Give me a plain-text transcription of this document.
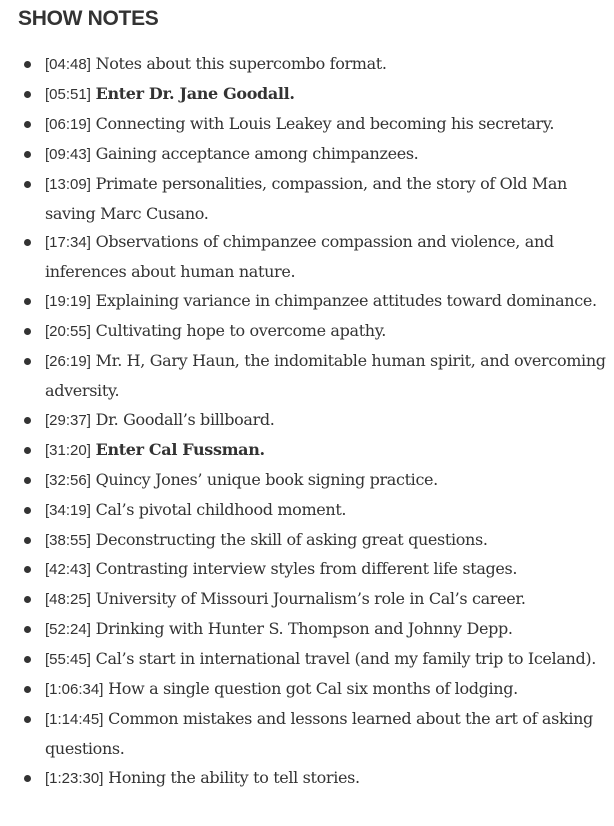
SHOW NOTES
[04:48] Notes about this supercombo format.
[05:51] Enter Dr. Jane Goodall.
[06:19] Connecting with Louis Leakey and becoming his secretary.
[09:43] Gaining acceptance among chimpanzees.
[13:09] Primate personalities, compassion, and the story of Old Man saving Marc Cusano.
[17:34] Observations of chimpanzee compassion and violence, and inferences about human nature.
[19:19] Explaining variance in chimpanzee attitudes toward dominance.
[20:55] Cultivating hope to overcome apathy.
[26:19] Mr. H, Gary Haun, the indomitable human spirit, and overcoming adversity.
[29:37] Dr. Goodall’s billboard.
[31:20] Enter Cal Fussman.
[32:56] Quincy Jones’ unique book signing practice.
[34:19] Cal’s pivotal childhood moment.
[38:55] Deconstructing the skill of asking great questions.
[42:43] Contrasting interview styles from different life stages.
[48:25] University of Missouri Journalism’s role in Cal’s career.
[52:24] Drinking with Hunter S. Thompson and Johnny Depp.
[55:45] Cal’s start in international travel (and my family trip to Iceland).
[1:06:34] How a single question got Cal six months of lodging.
[1:14:45] Common mistakes and lessons learned about the art of asking questions.
[1:23:30] Honing the ability to tell stories.
